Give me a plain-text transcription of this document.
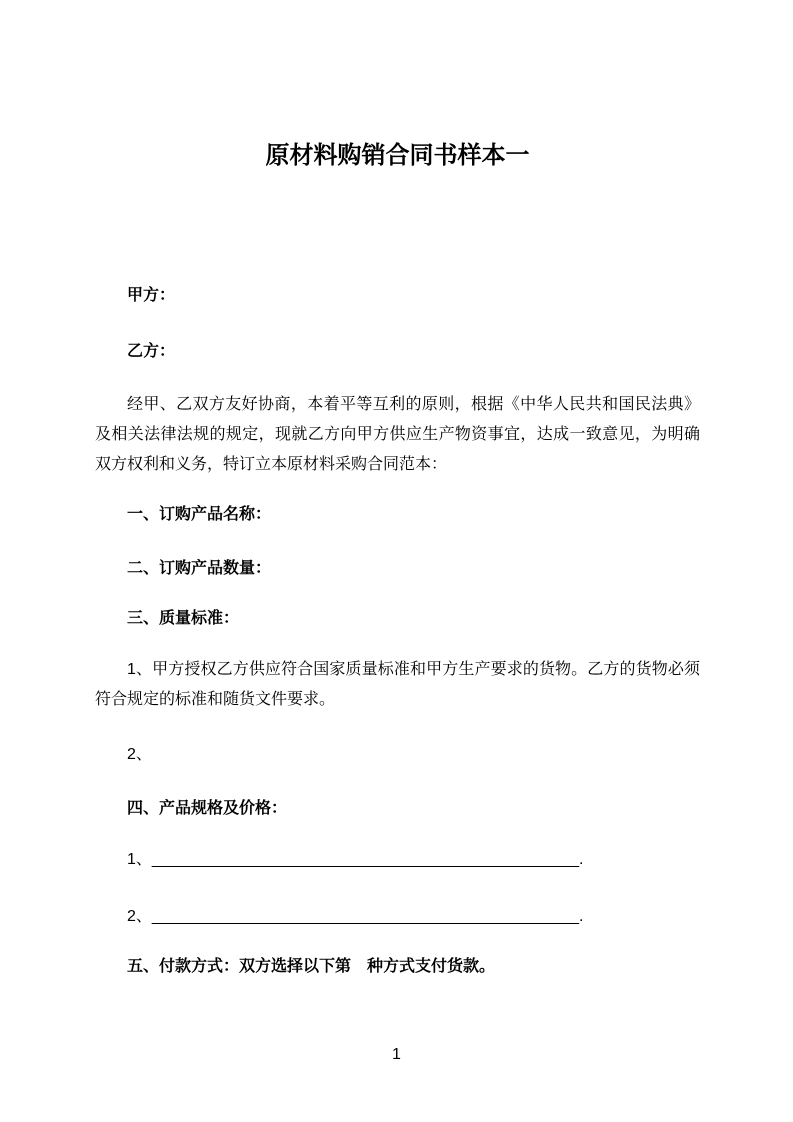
原材料购销合同书样本一

甲方：

乙方：

经甲、乙双方友好协商，本着平等互利的原则，根据《中华人民共和国民法典》及相关法律法规的规定，现就乙方向甲方供应生产物资事宜，达成一致意见，为明确双方权利和义务，特订立本原材料采购合同范本：

一、订购产品名称：

二、订购产品数量：

三、质量标准：

1、甲方授权乙方供应符合国家质量标准和甲方生产要求的货物。乙方的货物必须符合规定的标准和随货文件要求。

2、

四、产品规格及价格：

1、________________________________________________.

2、________________________________________________.

五、付款方式：双方选择以下第　种方式支付货款。

1
